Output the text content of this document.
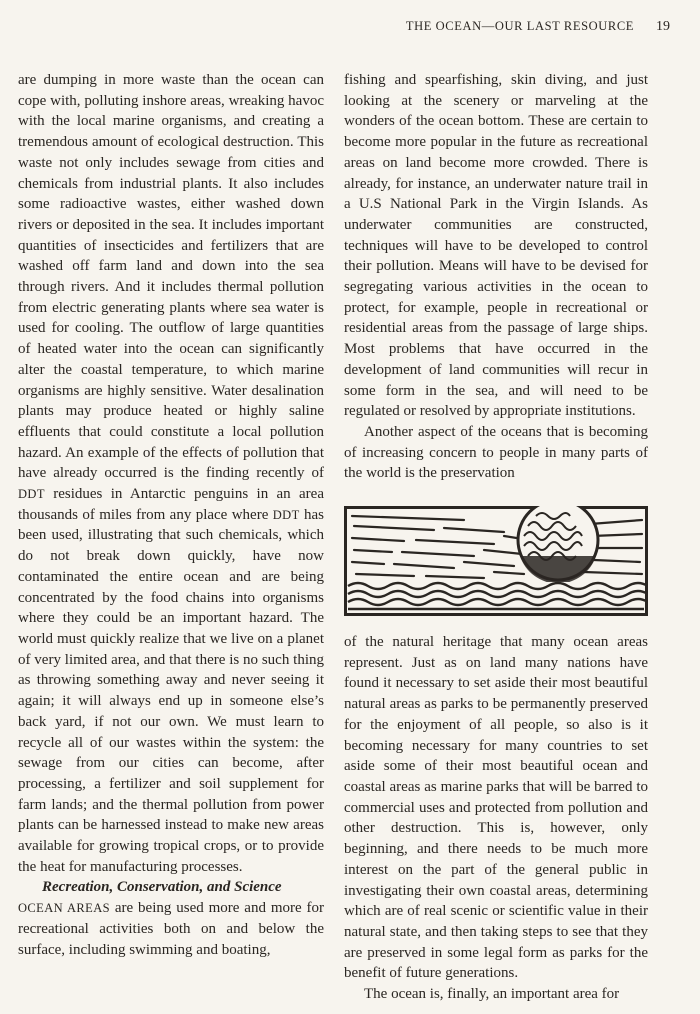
THE OCEAN—OUR LAST RESOURCE 19

are dumping in more waste than the ocean can cope with, polluting inshore areas, wreaking havoc with the local marine organisms, and creating a tremendous amount of ecological destruction. This waste not only includes sewage from cities and chemicals from industrial plants. It also includes some radioactive wastes, either washed down rivers or deposited in the sea. It includes important quantities of insecticides and fertilizers that are washed off farm land and down into the sea through rivers. And it includes thermal pollution from electric generating plants where sea water is used for cooling. The outflow of large quantities of heated water into the ocean can significantly alter the coastal temperature, to which marine organisms are highly sensitive. Water desalination plants may produce heated or highly saline effluents that could constitute a local pollution hazard. An example of the effects of pollution that have already occurred is the finding recently of DDT residues in Antarctic penguins in an area thousands of miles from any place where DDT has been used, illustrating that such chemicals, which do not break down quickly, have now contaminated the entire ocean and are being concentrated by the food chains into organisms where they could be an important hazard. The world must quickly realize that we live on a planet of very limited area, and that there is no such thing as throwing something away and never seeing it again; it will always end up in someone else’s back yard, if not our own. We must learn to recycle all of our wastes within the system: the sewage from our cities can become, after processing, a fertilizer and soil supplement for farm lands; and the thermal pollution from power plants can be harnessed instead to make new areas available for growing tropical crops, or to provide the heat for manufacturing processes.

Recreation, Conservation, and Science
OCEAN AREAS are being used more and more for recreational activities both on and below the surface, including swimming and boating,

fishing and spearfishing, skin diving, and just looking at the scenery or marveling at the wonders of the ocean bottom. These are certain to become more popular in the future as recreational areas on land become more crowded. There is already, for instance, an underwater nature trail in a U.S National Park in the Virgin Islands. As underwater communities are constructed, techniques will have to be developed to control their pollution. Means will have to be devised for segregating various activities in the ocean to protect, for example, people in recreational or residential areas from the passage of large ships. Most problems that have occurred in the development of land communities will recur in some form in the sea, and will need to be regulated or resolved by appropriate institutions.

Another aspect of the oceans that is becoming of increasing concern to people in many parts of the world is the preservation

of the natural heritage that many ocean areas represent. Just as on land many nations have found it necessary to set aside their most beautiful natural areas as parks to be permanently preserved for the enjoyment of all people, so also is it becoming necessary for many countries to set aside some of their most beautiful ocean and coastal areas as marine parks that will be barred to commercial uses and protected from pollution and other destruction. This is, however, only beginning, and there needs to be much more interest on the part of the general public in investigating their own coastal areas, determining which are of real scenic or scientific value in their natural state, and then taking steps to see that they are preserved in some legal form as parks for the benefit of future generations.

The ocean is, finally, an important area for
